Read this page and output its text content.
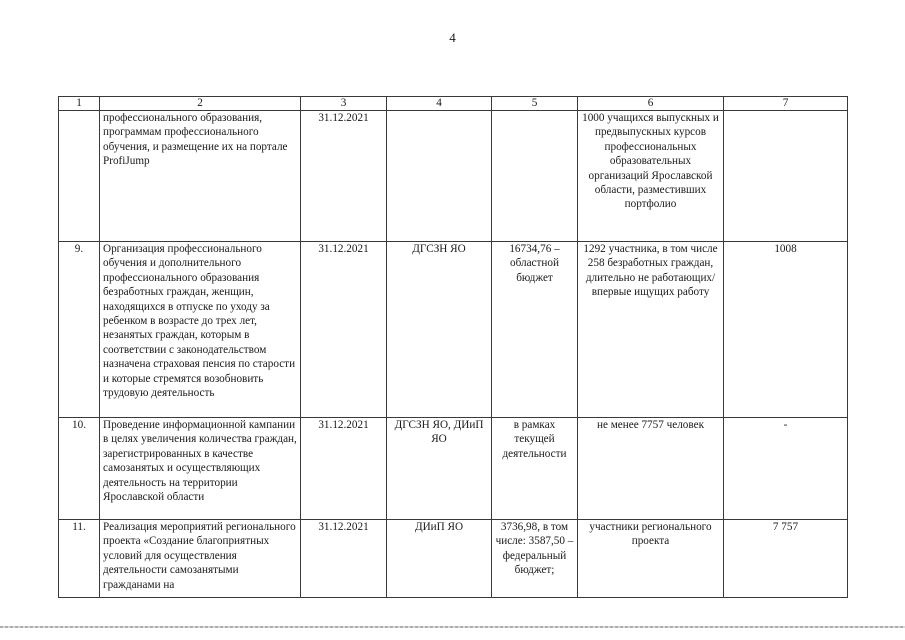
4
1	2	3	4	5	6	7
	профессионального образования, программам профессионального обучения, и размещение их на портале ProfiJump	31.12.2021			1000 учащихся выпускных и предвыпускных курсов профессиональных образовательных организаций Ярославской области, разместивших портфолио	
9.	Организация профессионального обучения и дополнительного профессионального образования безработных граждан, женщин, находящихся в отпуске по уходу за ребенком в возрасте до трех лет, незанятых граждан, которым в соответствии с законодательством назначена страховая пенсия по старости и которые стремятся возобновить трудовую деятельность	31.12.2021	ДГСЗН ЯО	16734,76 – областной бюджет	1292 участника, в том числе 258 безработных граждан, длительно не работающих/ впервые ищущих работу	1008
10.	Проведение информационной кампании в целях увеличения количества граждан, зарегистрированных в качестве самозанятых и осуществляющих деятельность на территории Ярославской области	31.12.2021	ДГСЗН ЯО, ДИиП ЯО	в рамках текущей деятельности	не менее 7757 человек	-
11.	Реализация мероприятий регионального проекта «Создание благоприятных условий для осуществления деятельности самозанятыми гражданами на	31.12.2021	ДИиП ЯО	3736,98, в том числе: 3587,50 – федеральный бюджет;	участники регионального проекта	7 757
